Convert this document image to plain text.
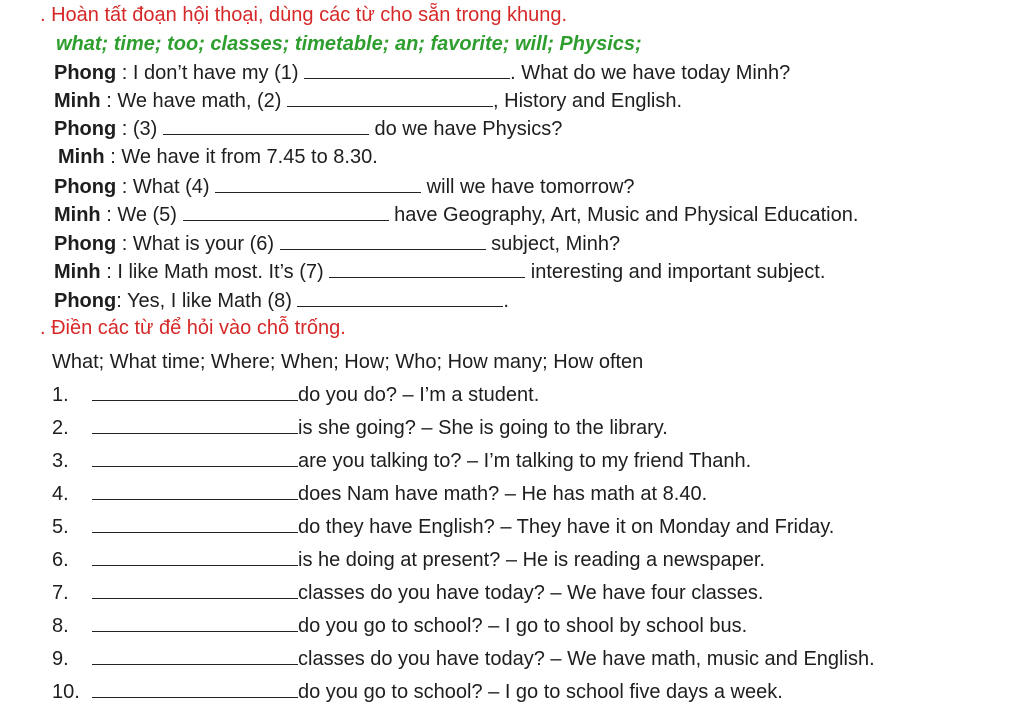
. Hoàn tất đoạn hội thoại, dùng các từ cho sẵn trong khung.
what; time; too; classes; timetable; an; favorite; will; Physics;
Phong : I don’t have my (1)	. What do we have today Minh?
Minh : We have math, (2)	, History and English.
Phong : (3)	do we have Physics?
Minh : We have it from 7.45 to 8.30.
Phong : What (4)	will we have tomorrow?
Minh : We (5)	have Geography, Art, Music and Physical Education.
Phong : What is your (6)	subject, Minh?
Minh : I like Math most. It’s (7)	interesting and important subject.
Phong: Yes, I like Math (8)	.
. Điền các từ để hỏi vào chỗ trống.
What; What time; Where; When; How; Who; How many; How often
1.	do you do? – I’m a student.
2.	is she going? – She is going to the library.
3.	are you talking to? – I’m talking to my friend Thanh.
4.	does Nam have math? – He has math at 8.40.
5.	do they have English? – They have it on Monday and Friday.
6.	is he doing at present? – He is reading a newspaper.
7.	classes do you have today? – We have four classes.
8.	do you go to school? – I go to shool by school bus.
9.	classes do you have today? – We have math, music and English.
10.	do you go to school? – I go to school five days a week.
